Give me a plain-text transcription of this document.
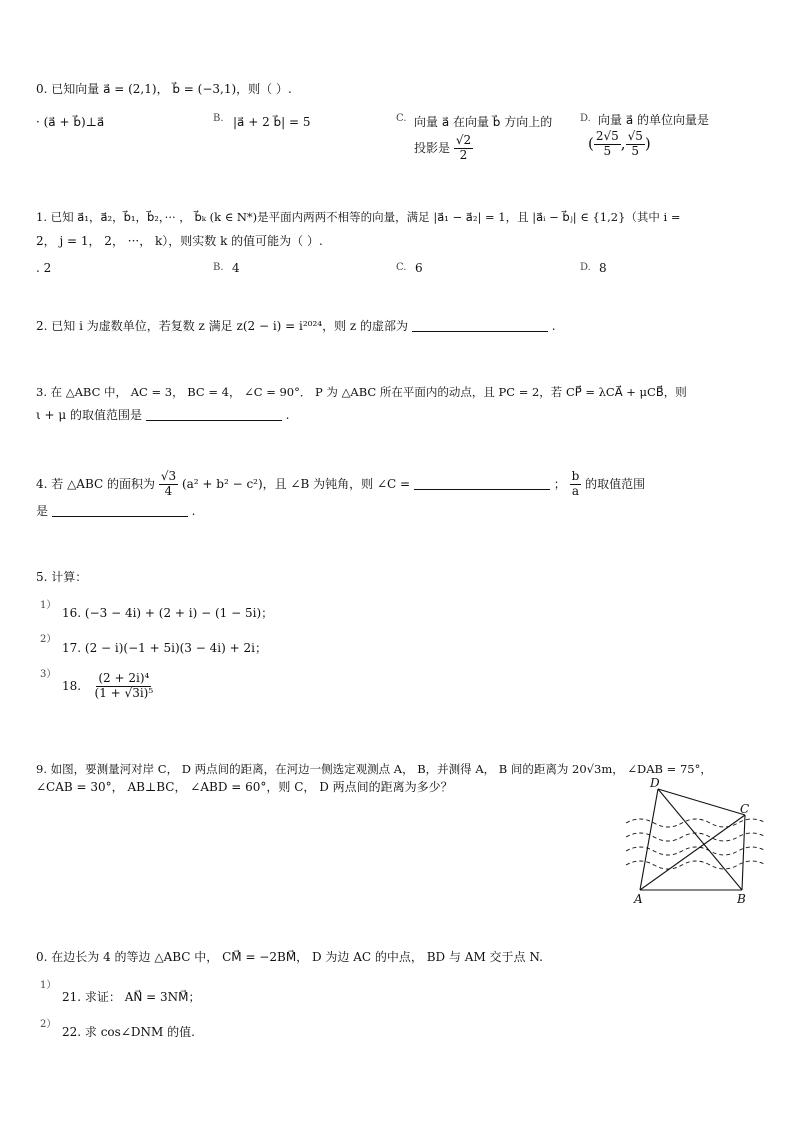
0. 已知向量 a⃗ = (2,1)， b⃗ = (−3,1)，则（ ）.
· (a⃗ + b⃗)⊥a⃗	B. |a⃗ + 2 b⃗| = 5	C. 向量 a⃗ 在向量 b⃗ 方向上的
投影是 $\frac{√2}{2}$
D. 向量 a⃗ 的单位向量是
( $\frac{2√5}{5}$ , $\frac{√5}{5}$ )
1. 已知 a⃗₁，a⃗₂，b⃗₁，b⃗₂，··· ， b⃗ₖ (k ∈ N*)是平面内两两不相等的向量，满足 |a⃗₁ − a⃗₂| = 1，且 |a⃗ᵢ − b⃗ⱼ| ∈ {1,2}（其中 i =
2， j = 1， 2， ···， k），则实数 k 的值可能为（ ）.
. 2	B. 4	C. 6	D. 8
2. 已知 i 为虚数单位，若复数 z 满足 z(2 − i) = i²⁰²⁴，则 z 的虚部为	.
3. 在 △ABC 中， AC = 3， BC = 4， ∠C = 90°． P 为 △ABC 所在平面内的动点，且 PC = 2，若 CP⃗ = λCA⃗ + μCB⃗，则
ι + μ 的取值范围是	.
4. 若 △ABC 的面积为 $\frac{√3}{4} (a^2 + b^2 - c^2)$，且 ∠B 为钝角，则 ∠C =	； $\frac{b}{a}$ 的取值范围
是	.
5. 计算：
1）
16. (−3 − 4i) + (2 + i) − (1 − 5i)；
2）
17. (2 − i)(−1 + 5i)(3 − 4i) + 2i；
3）
18. $\frac{\text{(2 + 2i)⁴}}{\text{(1 + √3i)⁵}}$
9. 如图，要测量河对岸 C， D 两点间的距离，在河边一侧选定观测点 A， B，并测得 A， B 间的距离为 20√3m， ∠DAB = 75°，
∠CAB = 30°， AB⊥BC， ∠ABD = 60°，则 C， D 两点间的距离为多少？	D
C
A	B
0. 在边长为 4 的等边 △ABC 中， CM⃗ = −2BM⃗， D 为边 AC 的中点， BD 与 AM 交于点 N.
1）
21. 求证： AN⃗ = 3NM⃗；
2）
22. 求 cos∠DNM 的值.
